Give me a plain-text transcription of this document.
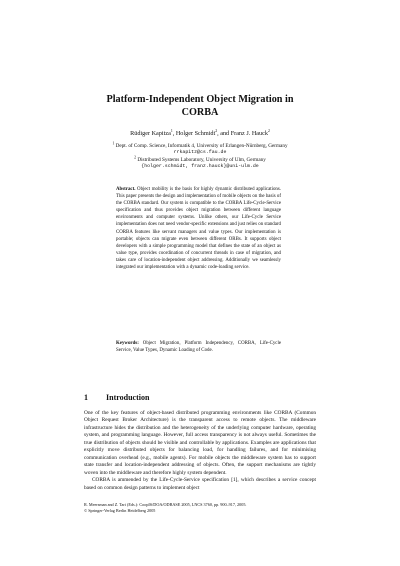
Platform-Independent Object Migration in
CORBA
Rüdiger Kapitza$^1$, Holger Schmidt$^2$, and Franz J. Hauck$^2$
$^1$ Dept. of Comp. Science, Informatik 4, University of Erlangen-Nürnberg, Germany
rrkapitz@cs.fau.de
$^2$ Distributed Systems Laboratory, University of Ulm, Germany
{holger.schmidt, franz.hauck}@uni-ulm.de
Abstract. Object mobility is the basis for highly dynamic distributed applications. This paper presents the design and implementation of mobile objects on the basis of the CORBA standard. Our system is compatible to the CORBA Life-Cycle-Service specification and thus provides object migration between different language environments and computer systems. Unlike others, our Life-Cycle Service implementation does not need vendor-specific extensions and just relies on standard CORBA features like servant managers and value types. Our implementation is portable; objects can migrate even between different ORBs. It supports object developers with a simple programming model that defines the state of an object as value type, provides coordination of concurrent threads in case of migration, and takes care of location-independent object addressing. Additionally we seamlessly integrated our implementation with a dynamic code-loading service.
Keywords: Object Migration, Platform Independency, CORBA, Life-Cycle Service, Value Types, Dynamic Loading of Code.
1 Introduction

One of the key features of object-based distributed programming environments like CORBA (Common Object Request Broker Architecture) is the transparent access to remote objects. The middleware infrastructure hides the distribution and the heterogeneity of the underlying computer hardware, operating system, and programming language. However, full access transparency is not always useful. Sometimes the true distribution of objects should be visible and controllable by applications. Examples are applications that explicitly move distributed objects for balancing load, for handling failures, and for minimising communication overhead (e.g., mobile agents). For mobile objects the middleware system has to support state transfer and location-independent addressing of objects. Often, the support mechanisms are tightly woven into the middleware and therefore highly system dependent.

CORBA is ammended by the Life-Cycle-Service specification [1], which describes a service concept based on common design patterns to implement object

R. Meersman and Z. Tari (Eds.): CoopIS/DOA/ODBASE 2005, LNCS 3760, pp. 900–917, 2005.
© Springer-Verlag Berlin Heidelberg 2005
